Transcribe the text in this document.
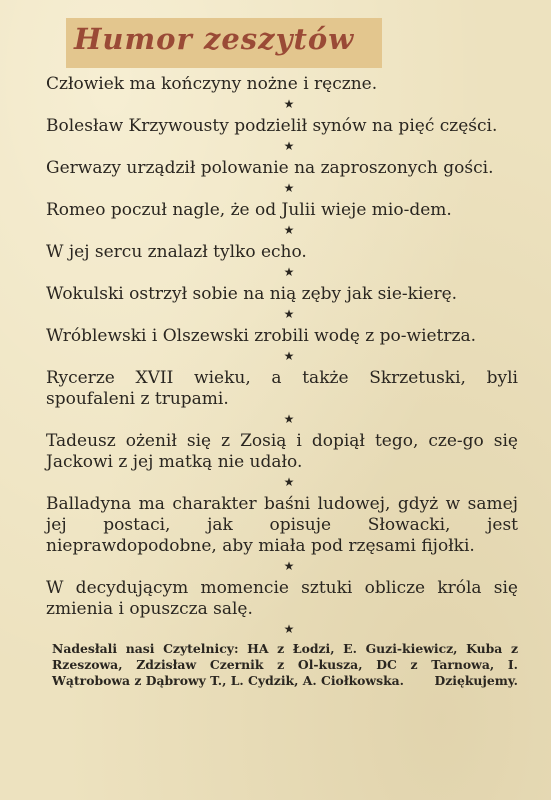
Humor zeszytów

Człowiek ma kończyny nożne i ręczne.

★

Bolesław Krzywousty podzielił synów na pięć części.

★

Gerwazy urządził polowanie na zaproszonych gości.

★

Romeo poczuł nagle, że od Julii wieje mio-dem.

★

W jej sercu znalazł tylko echo.

★

Wokulski ostrzył sobie na nią zęby jak sie-kierę.

★

Wróblewski i Olszewski zrobili wodę z po-wietrza.

★

Rycerze XVII wieku, a także Skrzetuski, byli spoufaleni z trupami.

★

Tadeusz ożenił się z Zosią i dopiął tego, cze-go się Jackowi z jej matką nie udało.

★

Balladyna ma charakter baśni ludowej, gdyż w samej jej postaci, jak opisuje Słowacki, jest nieprawdopodobne, aby miała pod rzęsami fijołki.

★

W decydującym momencie sztuki oblicze króla się zmienia i opuszcza salę.

★
Nadesłali nasi Czytelnicy: HA z Łodzi, E. Guzi-kiewicz, Kuba z Rzeszowa, Zdzisław Czernik z Ol-kusza, DC z Tarnowa, I. Wątrobowa z Dąbrowy T., L. Cydzik, A. Ciołkowska. Dziękujemy.
